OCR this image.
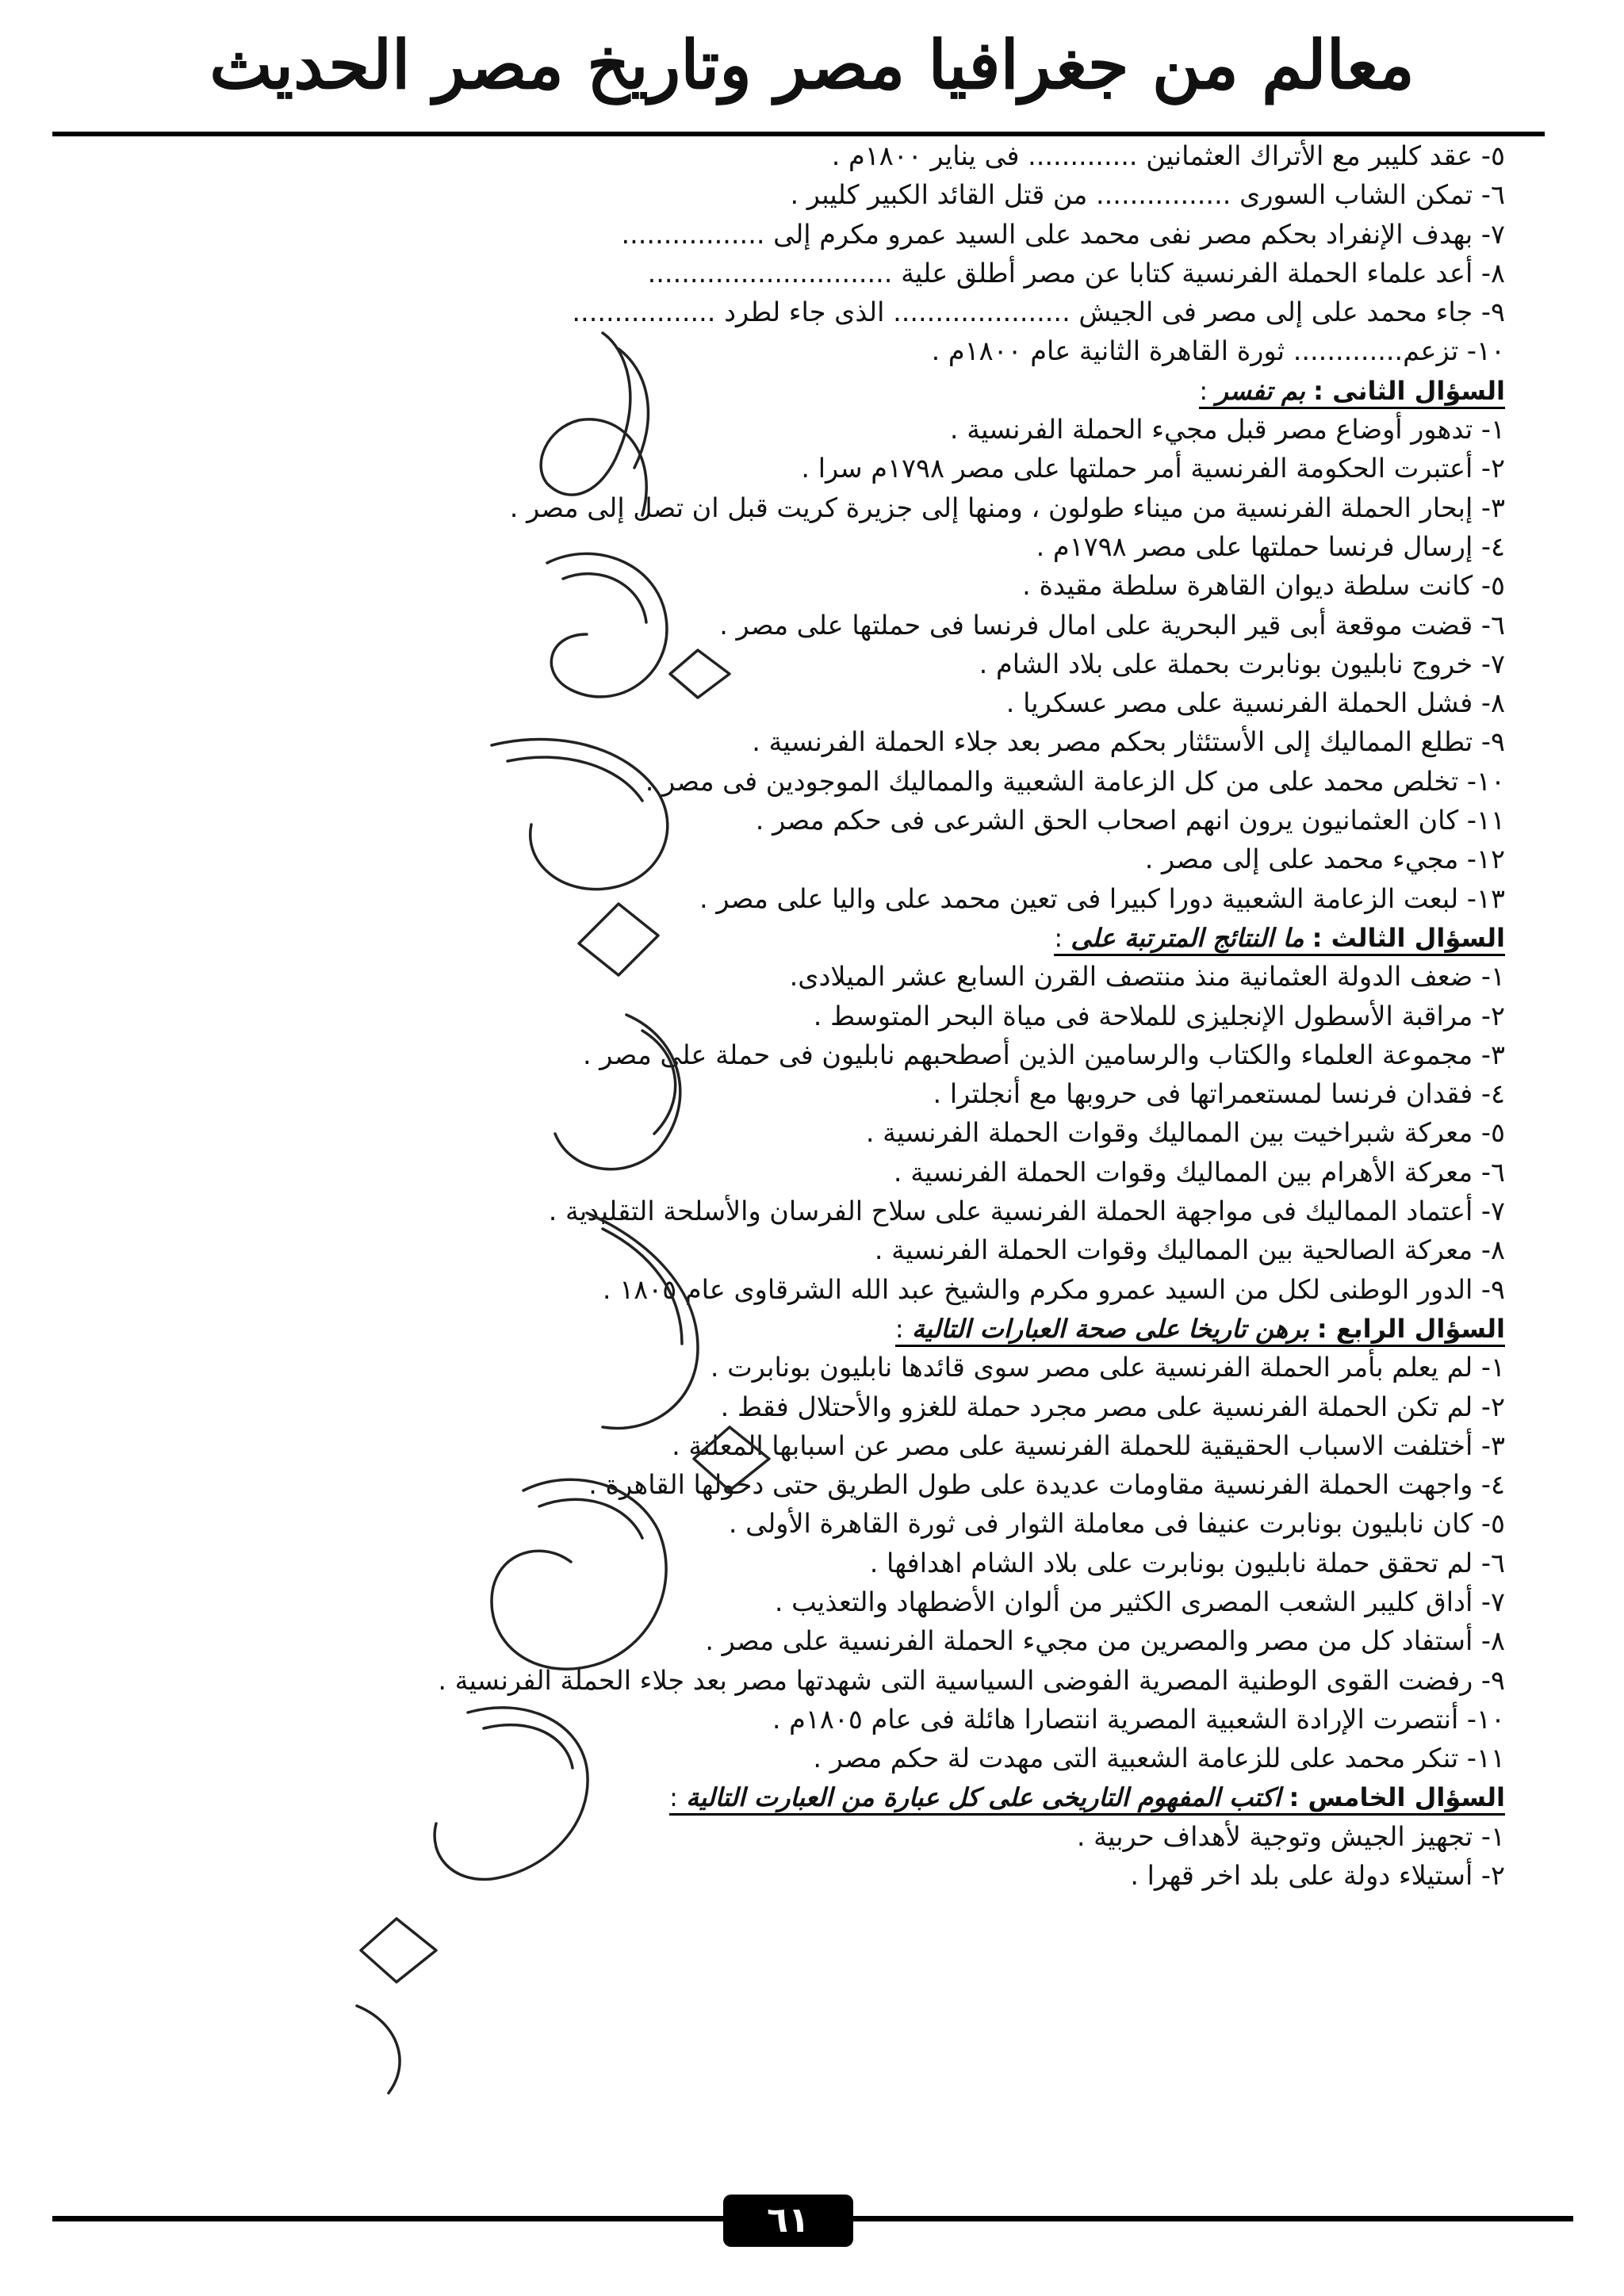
معالم من جغرافيا مصر وتاريخ مصر الحديث
٥- عقد كليبر مع الأتراك العثمانين ............. فى يناير ١٨٠٠م .
٦- تمكن الشاب السورى ................ من قتل القائد الكبير كليبر .
٧- بهدف الإنفراد بحكم مصر نفى محمد على السيد عمرو مكرم إلى .................
٨- أعد علماء الحملة الفرنسية كتابا عن مصر أطلق علية .............................
٩- جاء محمد على إلى مصر فى الجيش ..................... الذى جاء لطرد .................
١٠- تزعم............. ثورة القاهرة الثانية عام ١٨٠٠م .
السؤال الثانى : بم تفسر :
١- تدهور أوضاع مصر قبل مجيء الحملة الفرنسية .
٢- أعتبرت الحكومة الفرنسية أمر حملتها على مصر ١٧٩٨م سرا .
٣- إبحار الحملة الفرنسية من ميناء طولون ، ومنها إلى جزيرة كريت قبل ان تصل إلى مصر .
٤- إرسال فرنسا حملتها على مصر ١٧٩٨م .
٥- كانت سلطة ديوان القاهرة سلطة مقيدة .
٦- قضت موقعة أبى قير البحرية على امال فرنسا فى حملتها على مصر .
٧- خروج نابليون بونابرت بحملة على بلاد الشام .
٨- فشل الحملة الفرنسية على مصر عسكريا .
٩- تطلع المماليك إلى الأستئثار بحكم مصر بعد جلاء الحملة الفرنسية .
١٠- تخلص محمد على من كل الزعامة الشعبية والمماليك الموجودين فى مصر .
١١- كان العثمانيون يرون انهم اصحاب الحق الشرعى فى حكم مصر .
١٢- مجيء محمد على إلى مصر .
١٣- لبعت الزعامة الشعبية دورا كبيرا فى تعين محمد على واليا على مصر .
السؤال الثالث : ما النتائج المترتبة على :
١- ضعف الدولة العثمانية منذ منتصف القرن السابع عشر الميلادى.
٢- مراقبة الأسطول الإنجليزى للملاحة فى مياة البحر المتوسط .
٣- مجموعة العلماء والكتاب والرسامين الذين أصطحبهم نابليون فى حملة على مصر .
٤- فقدان فرنسا لمستعمراتها فى حروبها مع أنجلترا .
٥- معركة شبراخيت بين المماليك وقوات الحملة الفرنسية .
٦- معركة الأهرام بين المماليك وقوات الحملة الفرنسية .
٧- أعتماد المماليك فى مواجهة الحملة الفرنسية على سلاح الفرسان والأسلحة التقليدية .
٨- معركة الصالحية بين المماليك وقوات الحملة الفرنسية .
٩- الدور الوطنى لكل من السيد عمرو مكرم والشيخ عبد الله الشرقاوى عام ١٨٠٥ .
السؤال الرابع : برهن تاريخا على صحة العبارات التالية :
١- لم يعلم بأمر الحملة الفرنسية على مصر سوى قائدها نابليون بونابرت .
٢- لم تكن الحملة الفرنسية على مصر مجرد حملة للغزو والأحتلال فقط .
٣- أختلفت الاسباب الحقيقية للحملة الفرنسية على مصر عن اسبابها المعلنة .
٤- واجهت الحملة الفرنسية مقاومات عديدة على طول الطريق حتى دخولها القاهرة .
٥- كان نابليون بونابرت عنيفا فى معاملة الثوار فى ثورة القاهرة الأولى .
٦- لم تحقق حملة نابليون بونابرت على بلاد الشام اهدافها .
٧- أداق كليبر الشعب المصرى الكثير من ألوان الأضطهاد والتعذيب .
٨- أستفاد كل من مصر والمصرين من مجيء الحملة الفرنسية على مصر .
٩- رفضت القوى الوطنية المصرية الفوضى السياسية التى شهدتها مصر بعد جلاء الحملة الفرنسية .
١٠- أنتصرت الإرادة الشعبية المصرية انتصارا هائلة فى عام ١٨٠٥م .
١١- تنكر محمد على للزعامة الشعبية التى مهدت لة حكم مصر .
السؤال الخامس : اكتب المفهوم التاريخى على كل عبارة من العبارت التالية :
١- تجهيز الجيش وتوجية لأهداف حربية .
٢- أستيلاء دولة على بلد اخر قهرا .
٦١
